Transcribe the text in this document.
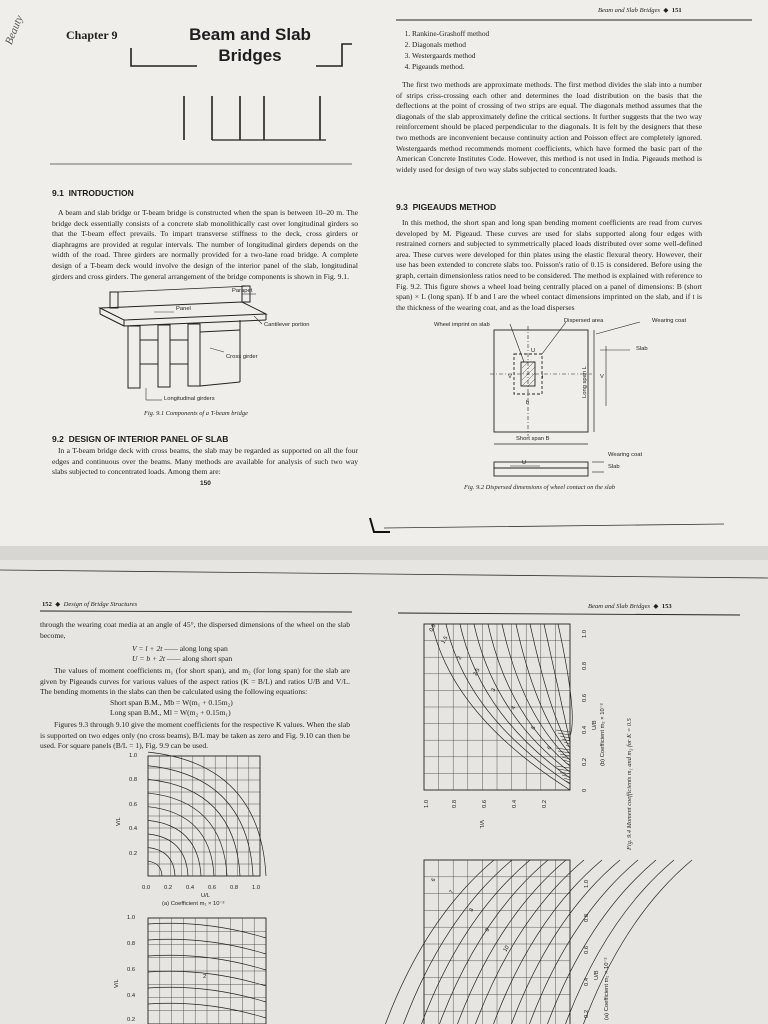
Beauty	Chapter 9	Beam and Slab
Bridges
9.1 INTRODUCTION
A beam and slab bridge or T-beam bridge is constructed when the span is between 10–20 m. The bridge deck essentially consists of a concrete slab monolithically cast over longitudinal girders so that the T-beam effect prevails. To impart transverse stiffness to the deck, cross girders or diaphragms are provided at regular intervals. The number of longitudinal girders depends on the width of the road. Three girders are normally provided for a two-lane road bridge. A complete design of a T-beam deck would involve the design of the interior panel of the slab, longitudinal girders and cross girders. The general arrangement of the bridge components is shown in Fig. 9.1.
Parapet
Panel
Cantilever portion
Cross girder
Longitudinal girders
Fig. 9.1 Components of a T-beam bridge
9.2 DESIGN OF INTERIOR PANEL OF SLAB
In a T-beam bridge deck with cross beams, the slab may be regarded as supported on all the four edges and continuous over the beams. Many methods are available for analysis of such two way slabs subjected to concentrated loads. Among them are:
150
Beam and Slab Bridges  ◆  151
1. Rankine-Grashoff method
2. Diagonals method
3. Westergaards method
4. Pigeauds method.
The first two methods are approximate methods. The first method divides the slab into a number of strips criss-crossing each other and determines the load distribution on the basis that the deflections at the point of crossing of two strips are equal. The diagonals method assumes that the diagonals of the slab approximately define the critical sections. It further suggests that the two way reinforcement should be placed perpendicular to the diagonals. It is felt by the designers that these two methods are inconvenient because continuity action and Poisson effect are completely ignored. Westergaards method recommends moment coefficients, which have formed the basic part of the American Concrete Institutes Code. However, this method is not used in India. Pigeauds method is widely used for design of two way slabs subjected to concentrated loads.
9.3 PIGEAUDS METHOD
In this method, the short span and long span bending moment coefficients are read from curves developed by M. Pigeaud. These curves are used for slabs supported along four edges with restrained corners and subjected to symmetrically placed loads distributed over some well-defined area. These curves were developed for thin plates using the elastic flexural theory. However, their use has been extended to concrete slabs too. Poisson's ratio of 0.15 is considered. Before using the graph, certain dimensionless ratios need to be considered. The method is explained with reference to Fig. 9.2. This figure shows a wheel load being centrally placed on a panel of dimensions: B (short span) × L (long span). If b and l are the wheel contact dimensions imprinted on the slab, and if t is the thickness of the wearing coat, and as the load disperses
Wheel imprint on slab
Dispersed area	Wearing coat
Slab
U
V	l
b
Long span L V
Short span B
U
Wearing coat
Slab
Fig. 9.2 Dispersed dimensions of wheel contact on the slab
152  ◆  Design of Bridge Structures
through the wearing coat media at an angle of 45°, the dispersed dimensions of the wheel on the slab become,
V = l + 2t —— along long span
U = b + 2t —— along short span
The values of moment coefficients m₁ (for short span), and m₂ (for long span) for the slab are given by Pigeauds curves for various values of the aspect ratios (K = B/L) and ratios U/B and V/L. The bending moments in the slabs can then be calculated using the following equations:
Short span B.M., Mb = W(m₁ + 0.15m₂)
Long span B.M., Ml = W(m₂ + 0.15m₁)
Figures 9.3 through 9.10 give the moment coefficients for the respective K values. When the slab is supported on two edges only (no cross beams), B/L may be taken as zero and Fig. 9.10 can then be used. For square panels (B/L = 1), Fig. 9.9 can be used.
1.0
0.8
0.6
0.4
0.2
V/L
0.0 0.2 0.4 0.6 0.8 1.0
U/L
(a) Coefficient m₁ × 10⁻²
1.0
0.8
0.6
0.4
0.2
V/L
2
Beam and Slab Bridges  ◆  153
0.9
1.5
2
2.5
3
4
5
6
1.0	0.8	0.6	0.4	0.2
V/L
1.0
0.8
0.6
0.4
0.2
0
U/B (b) Coefficient m₂ × 10⁻²
6
7
8
9
10
1.0
0.8
0.6
0.4
0.2
U/B (a) Coefficient m₁ × 10⁻²
Fig. 9.4 Moment coefficients m₁ and m₂ for K = 0.5
